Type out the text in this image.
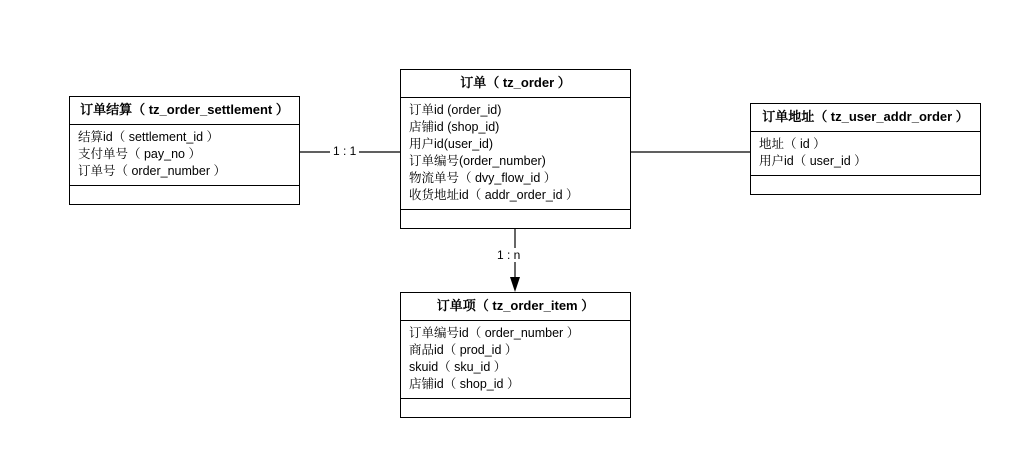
订单结算（ tz_order_settlement ）
结算id（ settlement_id ）
支付单号（ pay_no ）
订单号（ order_number ）
订单（ tz_order ）
订单id (order_id)
店铺id (shop_id)
用户id(user_id)
订单编号(order_number)
物流单号（ dvy_flow_id ）
收货地址id（ addr_order_id ）
订单地址（ tz_user_addr_order ）
地址（ id ）
用户id（ user_id ）
订单项（ tz_order_item ）
订单编号id（ order_number ）
商品id（ prod_id ）
skuid（ sku_id ）
店铺id（ shop_id ）
1 : 1
1 : n
